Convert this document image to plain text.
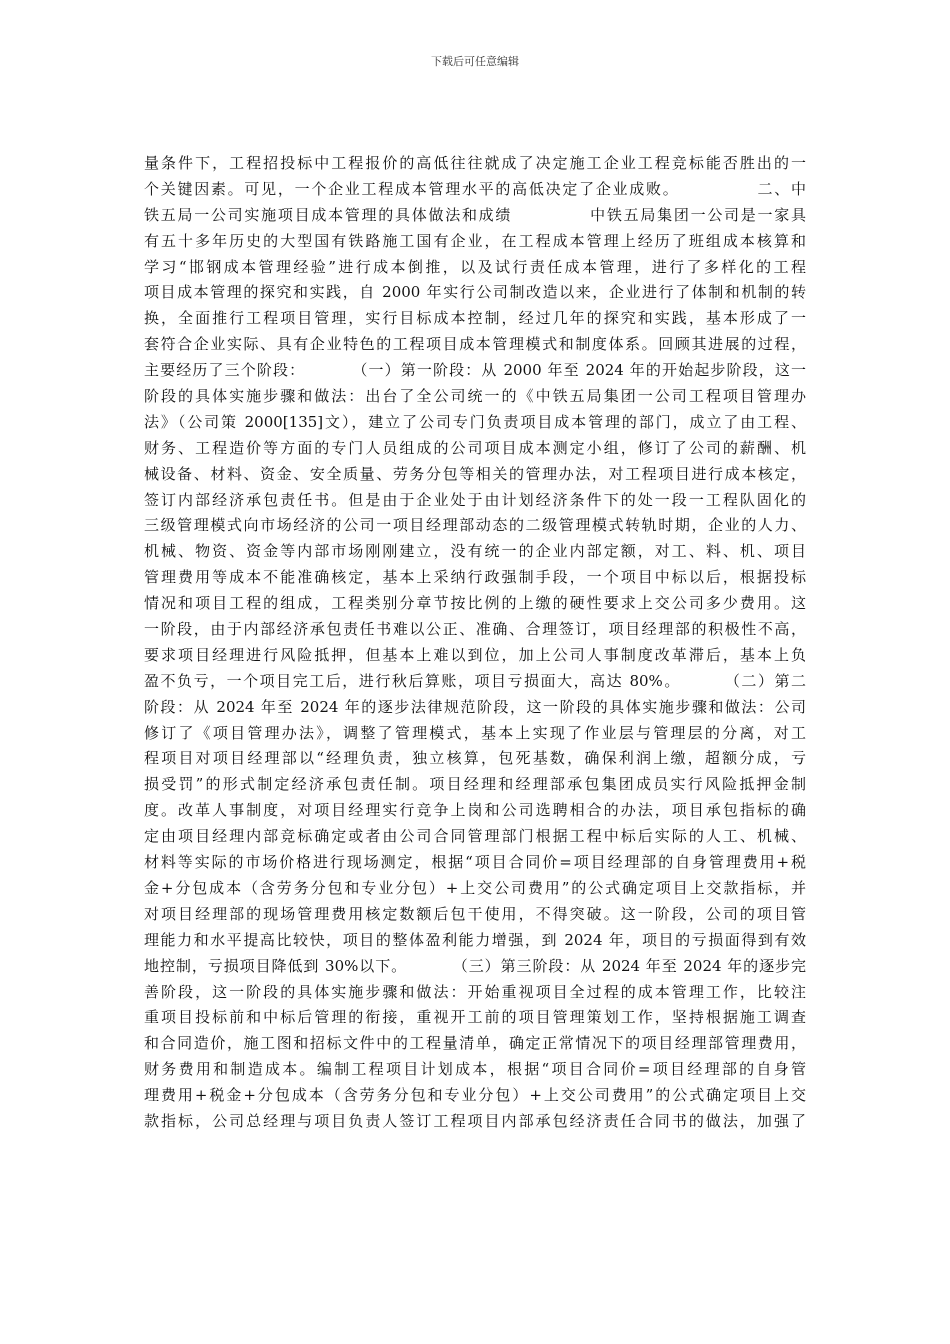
下载后可任意编辑
量条件下，工程招投标中工程报价的高低往往就成了决定施工企业工程竞标能否胜出的一
个关键因素。可见，一个企业工程成本管理水平的高低决定了企业成败。            二、中
铁五局一公司实施项目成本管理的具体做法和成绩            中铁五局集团一公司是一家具
有五十多年历史的大型国有铁路施工国有企业，在工程成本管理上经历了班组成本核算和
学习“邯钢成本管理经验”进行成本倒推，以及试行责任成本管理，进行了多样化的工程
项目成本管理的探究和实践，自 2000 年实行公司制改造以来，企业进行了体制和机制的转
换，全面推行工程项目管理，实行目标成本控制，经过几年的探究和实践，基本形成了一
套符合企业实际、具有企业特色的工程项目成本管理模式和制度体系。回顾其进展的过程，
主要经历了三个阶段：        （一）第一阶段：从 2000 年至 2024 年的开始起步阶段，这一
阶段的具体实施步骤和做法：出台了全公司统一的《中铁五局集团一公司工程项目管理办
法》（公司策 2000[135]文），建立了公司专门负责项目成本管理的部门，成立了由工程、
财务、工程造价等方面的专门人员组成的公司项目成本测定小组，修订了公司的薪酬、机
械设备、材料、资金、安全质量、劳务分包等相关的管理办法，对工程项目进行成本核定，
签订内部经济承包责任书。但是由于企业处于由计划经济条件下的处一段一工程队固化的
三级管理模式向市场经济的公司一项目经理部动态的二级管理模式转轨时期，企业的人力、
机械、物资、资金等内部市场刚刚建立，没有统一的企业内部定额，对工、料、机、项目
管理费用等成本不能准确核定，基本上采纳行政强制手段，一个项目中标以后，根据投标
情况和项目工程的组成，工程类别分章节按比例的上缴的硬性要求上交公司多少费用。这
一阶段，由于内部经济承包责任书难以公正、准确、合理签订，项目经理部的积极性不高，
要求项目经理进行风险抵押，但基本上难以到位，加上公司人事制度改革滞后，基本上负
盈不负亏，一个项目完工后，进行秋后算账，项目亏损面大，高达 80%。       （二）第二
阶段：从 2024 年至 2024 年的逐步法律规范阶段，这一阶段的具体实施步骤和做法：公司
修订了《项目管理办法》，调整了管理模式，基本上实现了作业层与管理层的分离，对工
程项目对项目经理部以“经理负责，独立核算，包死基数，确保利润上缴，超额分成，亏
损受罚”的形式制定经济承包责任制。项目经理和经理部承包集团成员实行风险抵押金制
度。改革人事制度，对项目经理实行竞争上岗和公司选聘相合的办法，项目承包指标的确
定由项目经理内部竞标确定或者由公司合同管理部门根据工程中标后实际的人工、机械、
材料等实际的市场价格进行现场测定，根据“项目合同价=项目经理部的自身管理费用+税
金+分包成本（含劳务分包和专业分包）+上交公司费用”的公式确定项目上交款指标，并
对项目经理部的现场管理费用核定数额后包干使用，不得突破。这一阶段，公司的项目管
理能力和水平提高比较快，项目的整体盈利能力增强，到 2024 年，项目的亏损面得到有效
地控制，亏损项目降低到 30%以下。        （三）第三阶段：从 2024 年至 2024 年的逐步完
善阶段，这一阶段的具体实施步骤和做法：开始重视项目全过程的成本管理工作，比较注
重项目投标前和中标后管理的衔接，重视开工前的项目管理策划工作，坚持根据施工调查
和合同造价，施工图和招标文件中的工程量清单，确定正常情况下的项目经理部管理费用，
财务费用和制造成本。编制工程项目计划成本，根据“项目合同价=项目经理部的自身管
理费用+税金+分包成本（含劳务分包和专业分包）+上交公司费用”的公式确定项目上交
款指标，公司总经理与项目负责人签订工程项目内部承包经济责任合同书的做法，加强了
